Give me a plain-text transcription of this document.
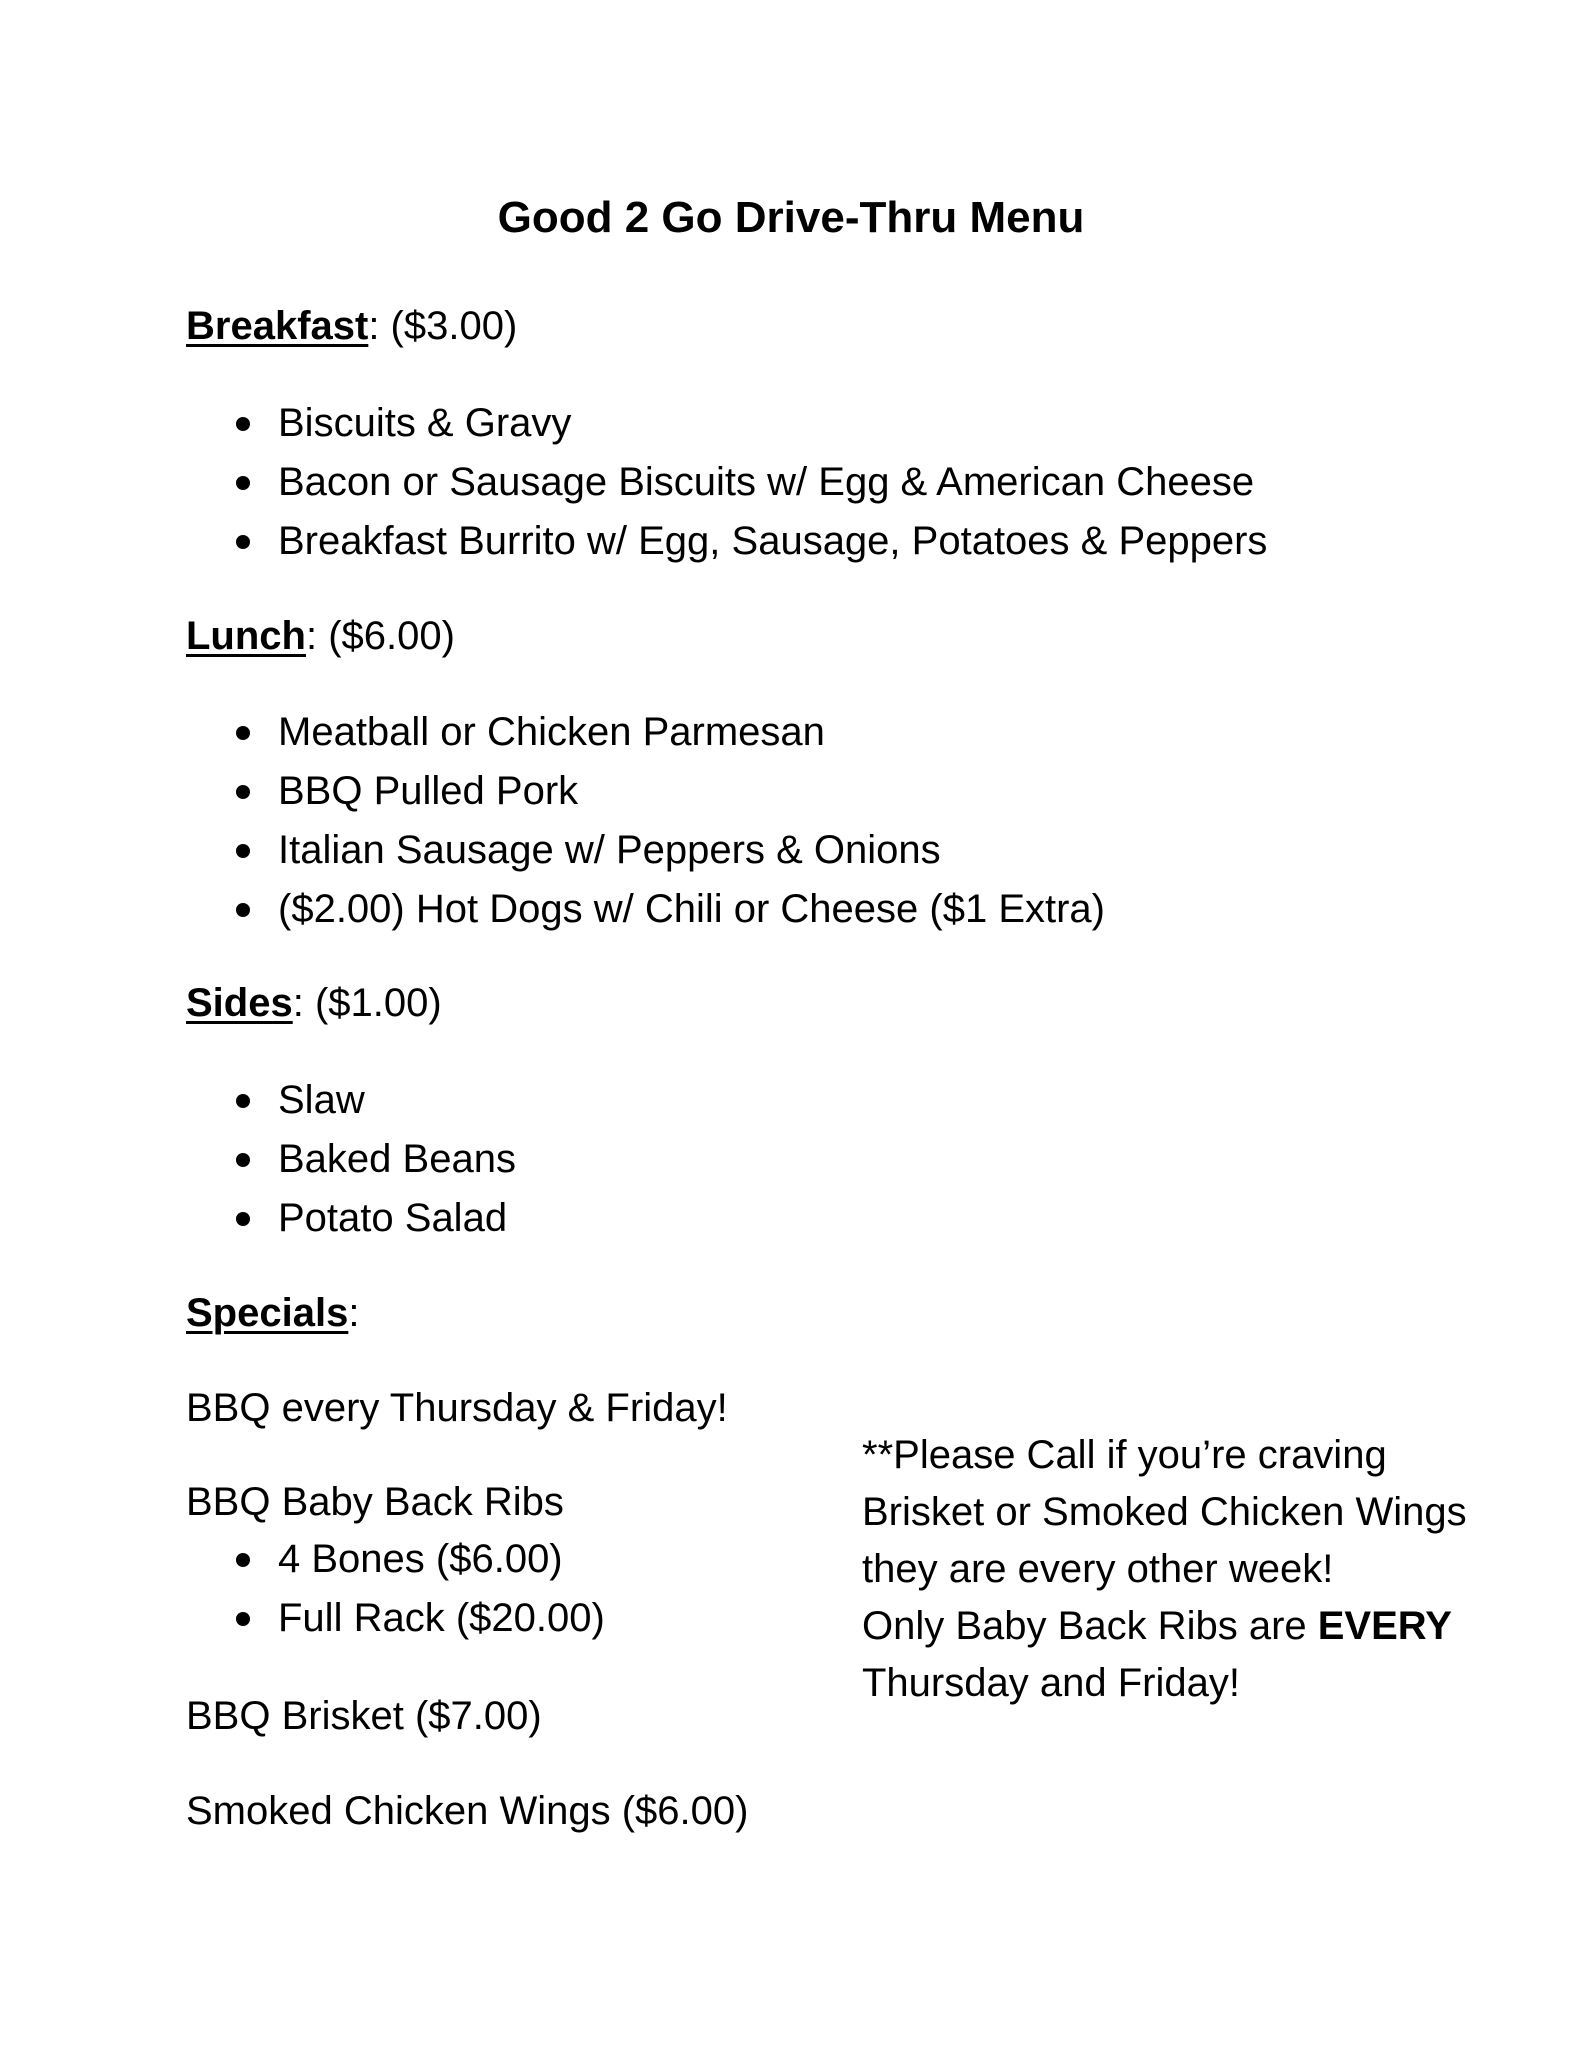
Good 2 Go Drive-Thru Menu
Breakfast: ($3.00)
Biscuits & Gravy
Bacon or Sausage Biscuits w/ Egg & American Cheese
Breakfast Burrito w/ Egg, Sausage, Potatoes & Peppers
Lunch: ($6.00)
Meatball or Chicken Parmesan
BBQ Pulled Pork
Italian Sausage w/ Peppers & Onions
($2.00) Hot Dogs w/ Chili or Cheese ($1 Extra)
Sides: ($1.00)
Slaw
Baked Beans
Potato Salad
Specials:
BBQ every Thursday & Friday!
BBQ Baby Back Ribs
4 Bones ($6.00)
Full Rack ($20.00)
BBQ Brisket ($7.00)
Smoked Chicken Wings ($6.00)

**Please Call if you’re craving Brisket or Smoked Chicken Wings they are every other week!

Only Baby Back Ribs are EVERY
Thursday and Friday!
